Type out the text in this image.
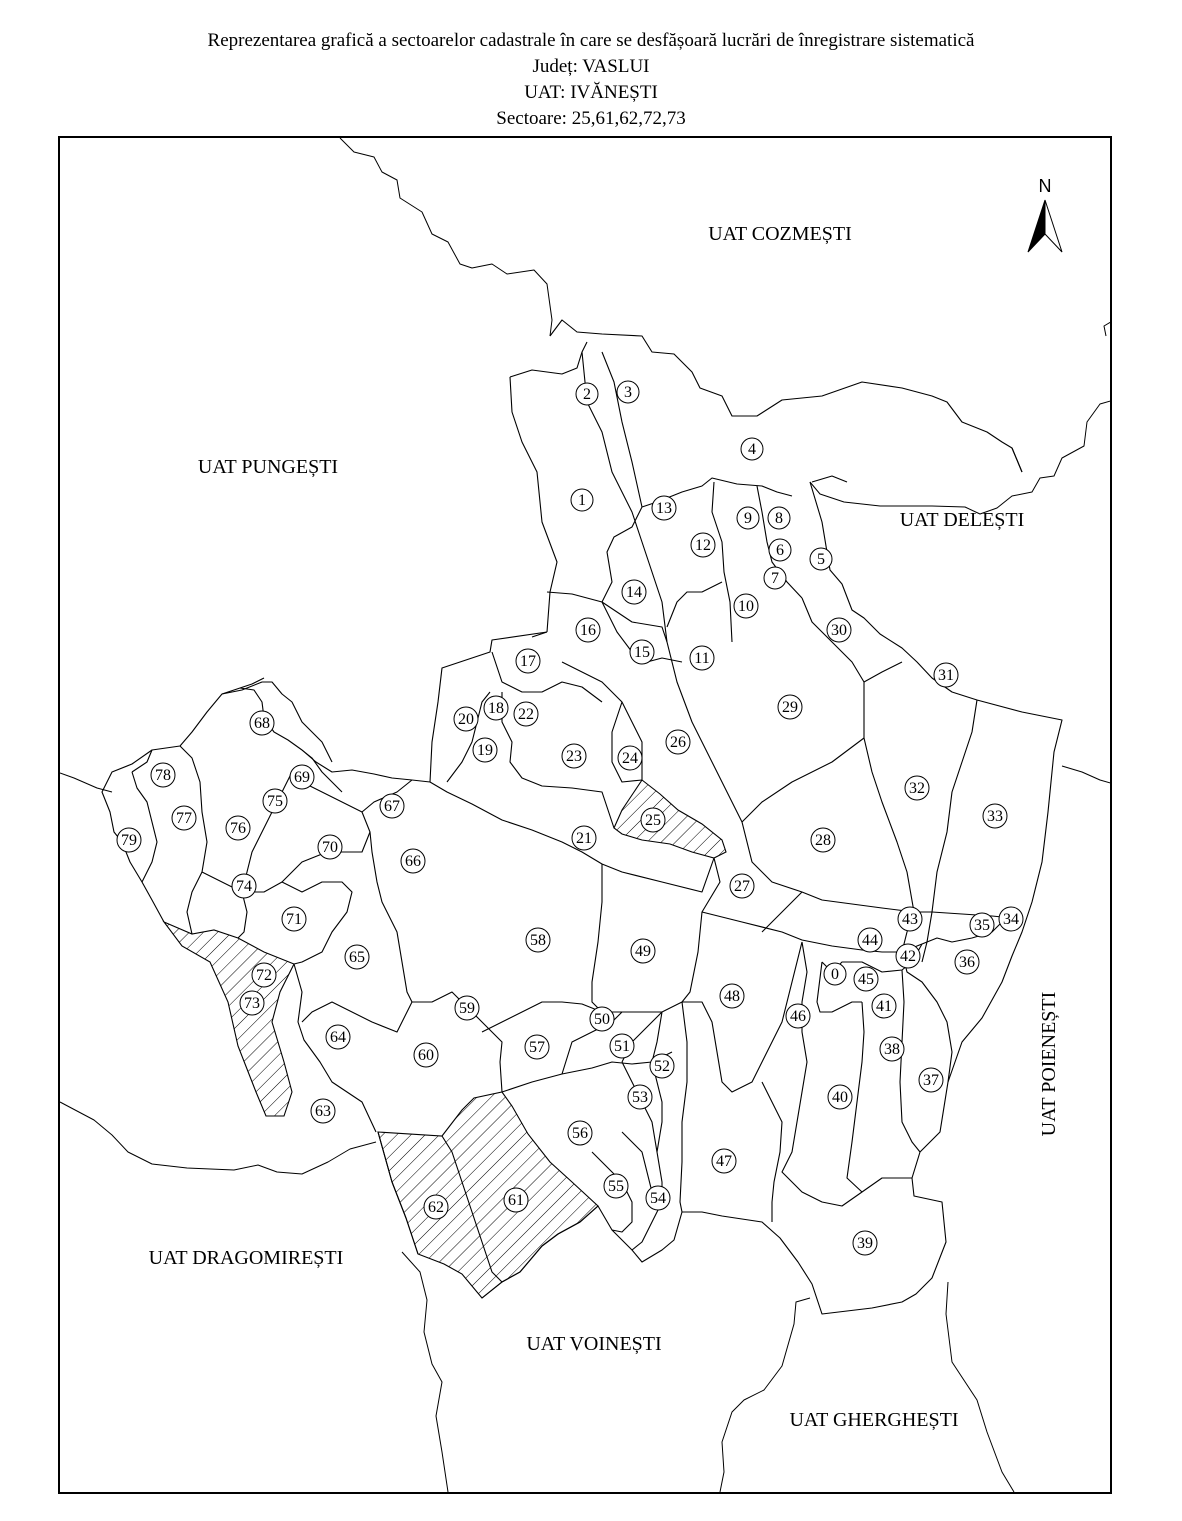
Reprezentarea grafică a sectoarelor cadastrale în care se desfășoară lucrări de înregistrare sistematică
Județ: VASLUI
UAT: IVĂNEȘTI
Sectoare: 25,61,62,72,73
0
1
2 3
4
5
6
7
8
9
10
11
12
13
14
15
16
17
18
19
20
21
22
23	24
25
26
27
28
29
30
31
32
33
34
35
36
37
38
39
40
41
42
43
44
45
46
47
48
49
50
51
52
53
54
55
56
57
58
59
60
61
62
63
64
65
66
67
68
69
70
71
72
73
74
75
76
77
78
79
UAT COZMEȘTI
UAT PUNGEȘTI
UAT DELEȘTI
UAT POIENEȘTI
UAT DRAGOMIREȘTI
UAT VOINEȘTI
UAT GHERGHEȘTI
N
